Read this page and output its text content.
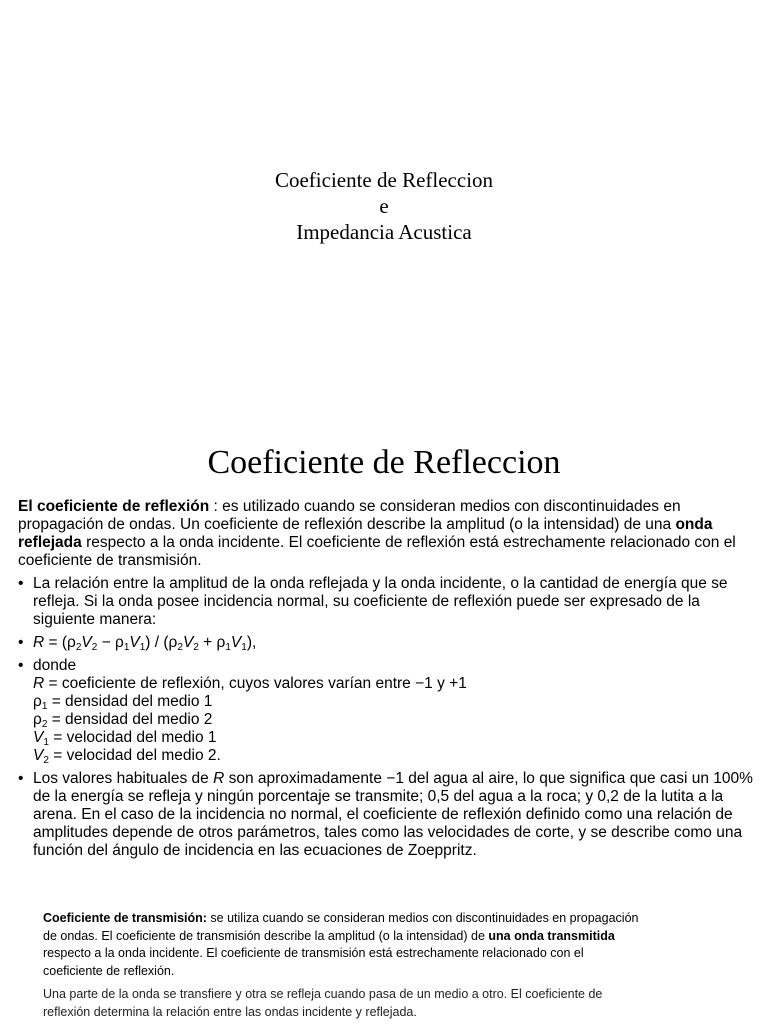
Coeficiente de Refleccion
e
Impedancia Acustica
Coeficiente de Refleccion

El coeficiente de reflexión : es utilizado cuando se consideran medios con discontinuidades en propagación de ondas. Un coeficiente de reflexión describe la amplitud (o la intensidad) de una onda reflejada respecto a la onda incidente. El coeficiente de reflexión está estrechamente relacionado con el coeficiente de transmisión.

• La relación entre la amplitud de la onda reflejada y la onda incidente, o la cantidad de energía que se refleja. Si la onda posee incidencia normal, su coeficiente de reflexión puede ser expresado de la siguiente manera:
• $R = (\rho_2V_2 - \rho_1V_1) / (\rho_2V_2 + \rho_1V_1)$,
• donde
R = coeficiente de reflexión, cuyos valores varían entre −1 y +1
$\rho_1$ = densidad del medio 1
$\rho_2$ = densidad del medio 2
$V_1$ = velocidad del medio 1
$V_2$ = velocidad del medio 2.
• Los valores habituales de R son aproximadamente −1 del agua al aire, lo que significa que casi un 100% de la energía se refleja y ningún porcentaje se transmite; 0,5 del agua a la roca; y 0,2 de la lutita a la arena. En el caso de la incidencia no normal, el coeficiente de reflexión definido como una relación de amplitudes depende de otros parámetros, tales como las velocidades de corte, y se describe como una función del ángulo de incidencia en las ecuaciones de Zoeppritz.

Coeficiente de transmisión: se utiliza cuando se consideran medios con discontinuidades en propagación de ondas. El coeficiente de transmisión describe la amplitud (o la intensidad) de una onda transmitida respecto a la onda incidente. El coeficiente de transmisión está estrechamente relacionado con el coeficiente de reflexión.

Una parte de la onda se transfiere y otra se refleja cuando pasa de un medio a otro. El coeficiente de reflexión determina la relación entre las ondas incidente y reflejada.
